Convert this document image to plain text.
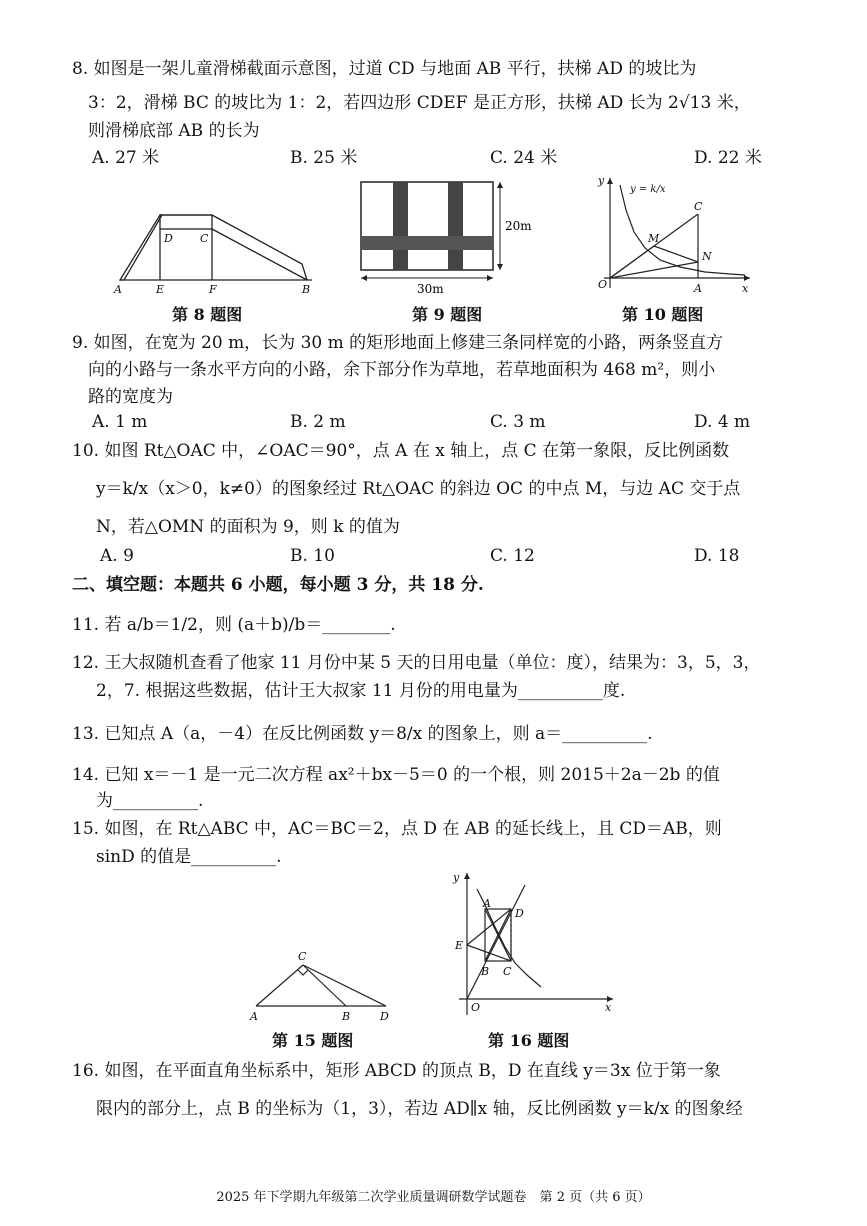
8. 如图是一架儿童滑梯截面示意图，过道 CD 与地面 AB 平行，扶梯 AD 的坡比为
3：2，滑梯 BC 的坡比为 1：2，若四边形 CDEF 是正方形，扶梯 AD 长为 2√13 米，
则滑梯底部 AB 的长为
A. 27 米	B. 25 米	C. 24 米	D. 22 米
A	E	F	B
D C
第 8 题图
20m
30m
第 9 题图
y
x
O	A
C
M
N
y = k/x
第 10 题图
9. 如图，在宽为 20 m，长为 30 m 的矩形地面上修建三条同样宽的小路，两条竖直方
向的小路与一条水平方向的小路，余下部分作为草地，若草地面积为 468 m²，则小
路的宽度为
A. 1 m	B. 2 m	C. 3 m	D. 4 m
10. 如图 Rt△OAC 中，∠OAC＝90°，点 A 在 x 轴上，点 C 在第一象限，反比例函数
y＝k/x（x＞0，k≠0）的图象经过 Rt△OAC 的斜边 OC 的中点 M，与边 AC 交于点
N，若△OMN 的面积为 9，则 k 的值为
A. 9	B. 10	C. 12	D. 18
二、填空题：本题共 6 小题，每小题 3 分，共 18 分.
11. 若 a/b＝1/2，则 (a＋b)/b＝________.
12. 王大叔随机查看了他家 11 月份中某 5 天的日用电量（单位：度），结果为：3，5，3，
2，7. 根据这些数据，估计王大叔家 11 月份的用电量为__________度.
13. 已知点 A（a，－4）在反比例函数 y＝8/x 的图象上，则 a＝__________.
14. 已知 x＝－1 是一元二次方程 ax²＋bx－5＝0 的一个根，则 2015＋2a－2b 的值
为__________.
15. 如图，在 Rt△ABC 中，AC＝BC＝2，点 D 在 AB 的延长线上，且 CD＝AB，则
sinD 的值是__________.
A	B
C
D
第 15 题图
y
x
O
A
B C
D
E
第 16 题图
16. 如图，在平面直角坐标系中，矩形 ABCD 的顶点 B，D 在直线 y＝3x 位于第一象
限内的部分上，点 B 的坐标为（1，3），若边 AD∥x 轴，反比例函数 y＝k/x 的图象经
2025 年下学期九年级第二次学业质量调研数学试题卷　第 2 页（共 6 页）
